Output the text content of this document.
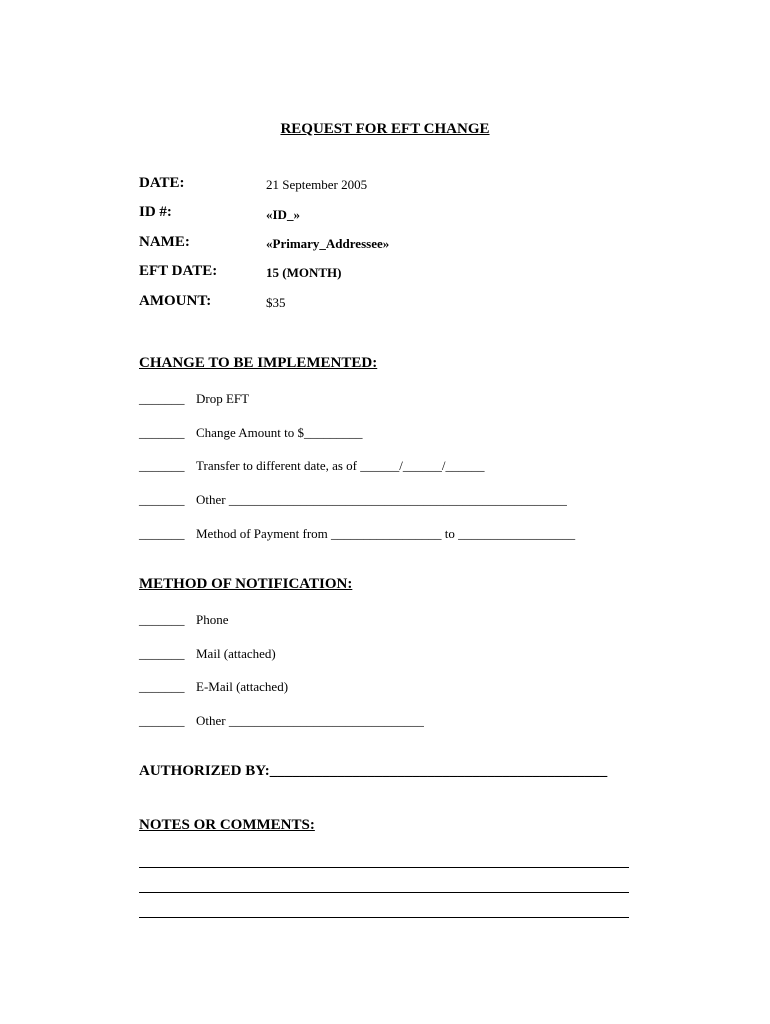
REQUEST FOR EFT CHANGE
DATE:	21 September 2005
ID #:	«ID_»
NAME:	«Primary_Addressee»
EFT DATE:	15 (MONTH)
AMOUNT:	$35
CHANGE TO BE IMPLEMENTED:
_______ Drop EFT
_______ Change Amount to $_________
_______ Transfer to different date, as of ______/______/______
_______ Other ____________________________________________________
_______ Method of Payment from _________________ to __________________
METHOD OF NOTIFICATION:
_______ Phone
_______ Mail (attached)
_______ E-Mail (attached)
_______ Other ______________________________
AUTHORIZED BY:_____________________________________________
NOTES OR COMMENTS:
